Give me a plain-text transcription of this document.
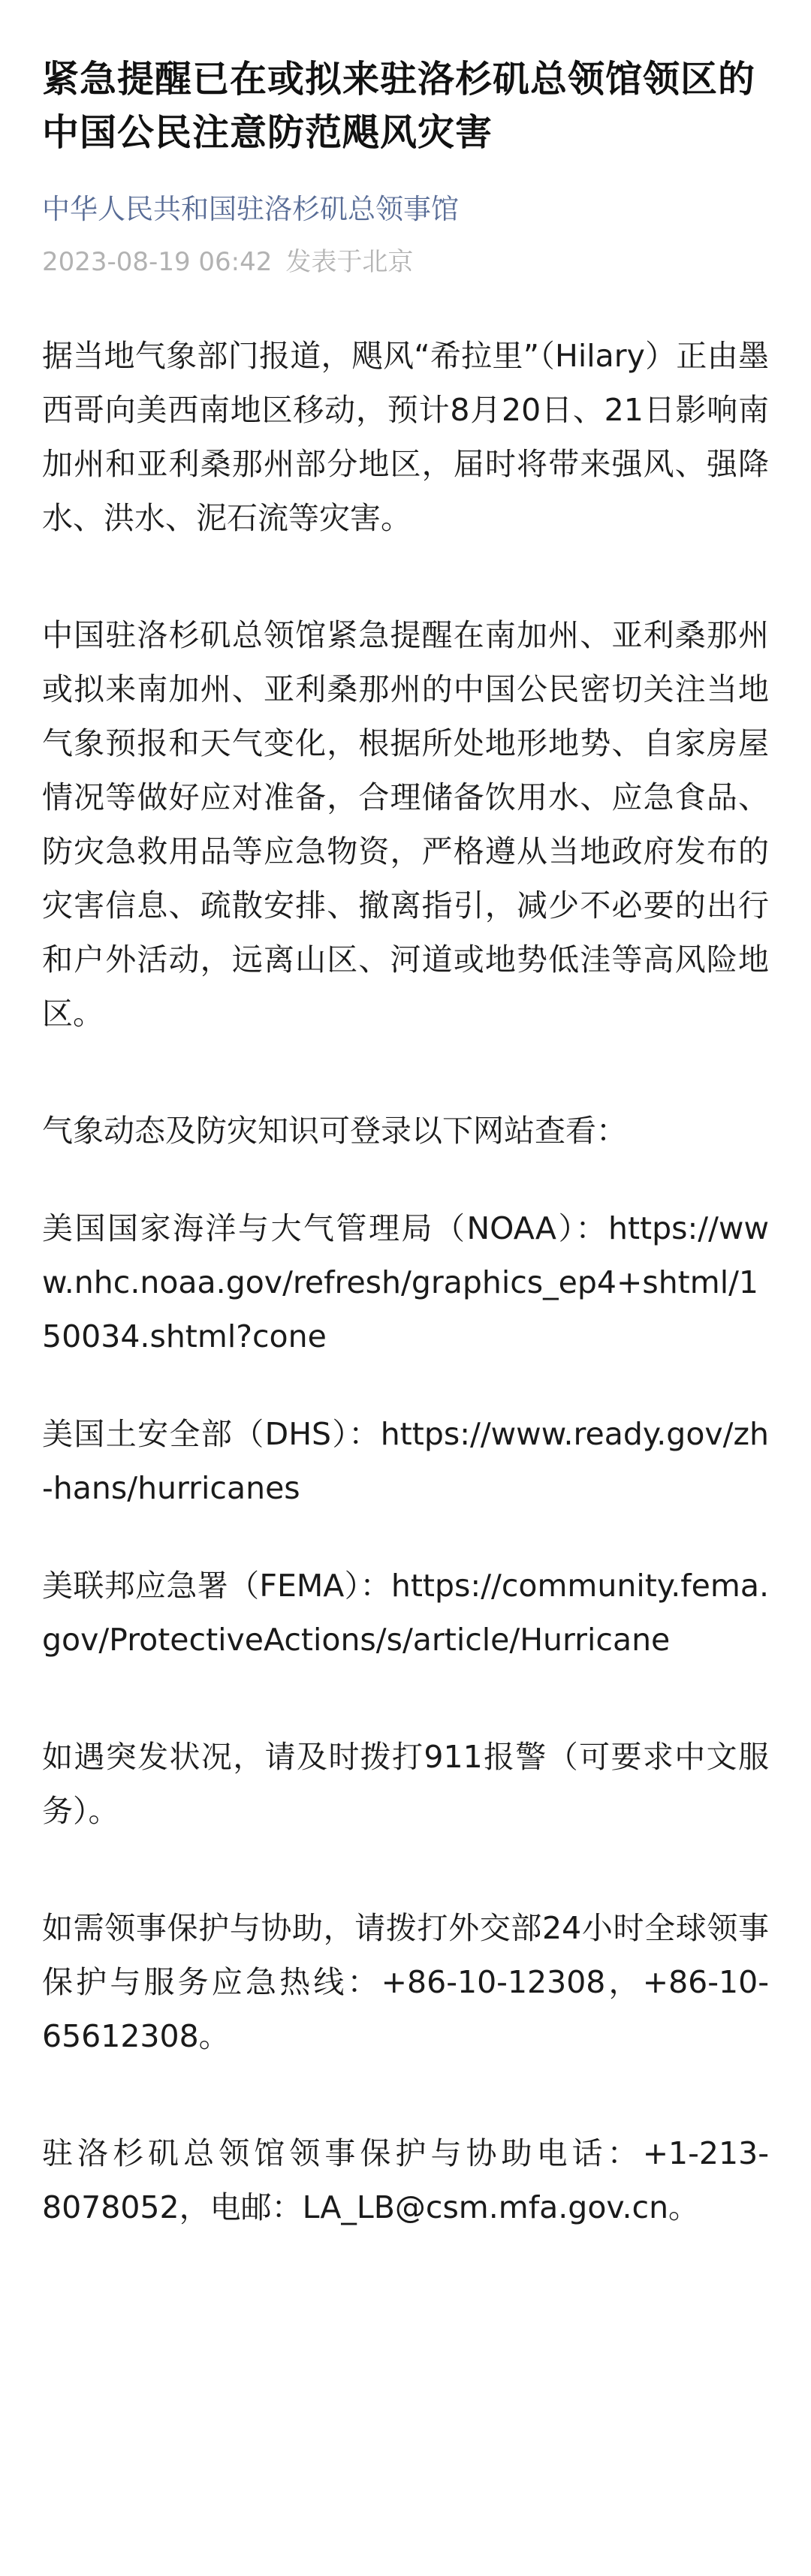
紧急提醒已在或拟来驻洛杉矶总领馆领区的 中国公民注意防范飓风灾害
中华人民共和国驻洛杉矶总领事馆
2023-08-19 06:42 发表于北京

据当地气象部门报道，飓风“希拉里”（Hilary）正由墨西哥向美西南地区移动，预计8月20日、21日影响南加州和亚利桑那州部分地区，届时将带来强风、强降水、洪水、泥石流等灾害。

中国驻洛杉矶总领馆紧急提醒在南加州、亚利桑那州或拟来南加州、亚利桑那州的中国公民密切关注当地气象预报和天气变化，根据所处地形地势、自家房屋情况等做好应对准备，合理储备饮用水、应急食品、防灾急救用品等应急物资，严格遵从当地政府发布的灾害信息、疏散安排、撤离指引，减少不必要的出行和户外活动，远离山区、河道或地势低洼等高风险地区。

气象动态及防灾知识可登录以下网站查看：

美国国家海洋与大气管理局（NOAA）：https://www.nhc.noaa.gov/refresh/graphics_ep4+shtml/150034.shtml?cone

美国土安全部（DHS）：https://www.ready.gov/zh-hans/hurricanes

美联邦应急署（FEMA）：https://community.fema.gov/ProtectiveActions/s/article/Hurricane

如遇突发状况，请及时拨打911报警（可要求中文服务）。

如需领事保护与协助，请拨打外交部24小时全球领事保护与服务应急热线：+86-10-12308，+86-10-65612308。

驻洛杉矶总领馆领事保护与协助电话：+1-213-8078052，电邮：LA_LB@csm.mfa.gov.cn。
